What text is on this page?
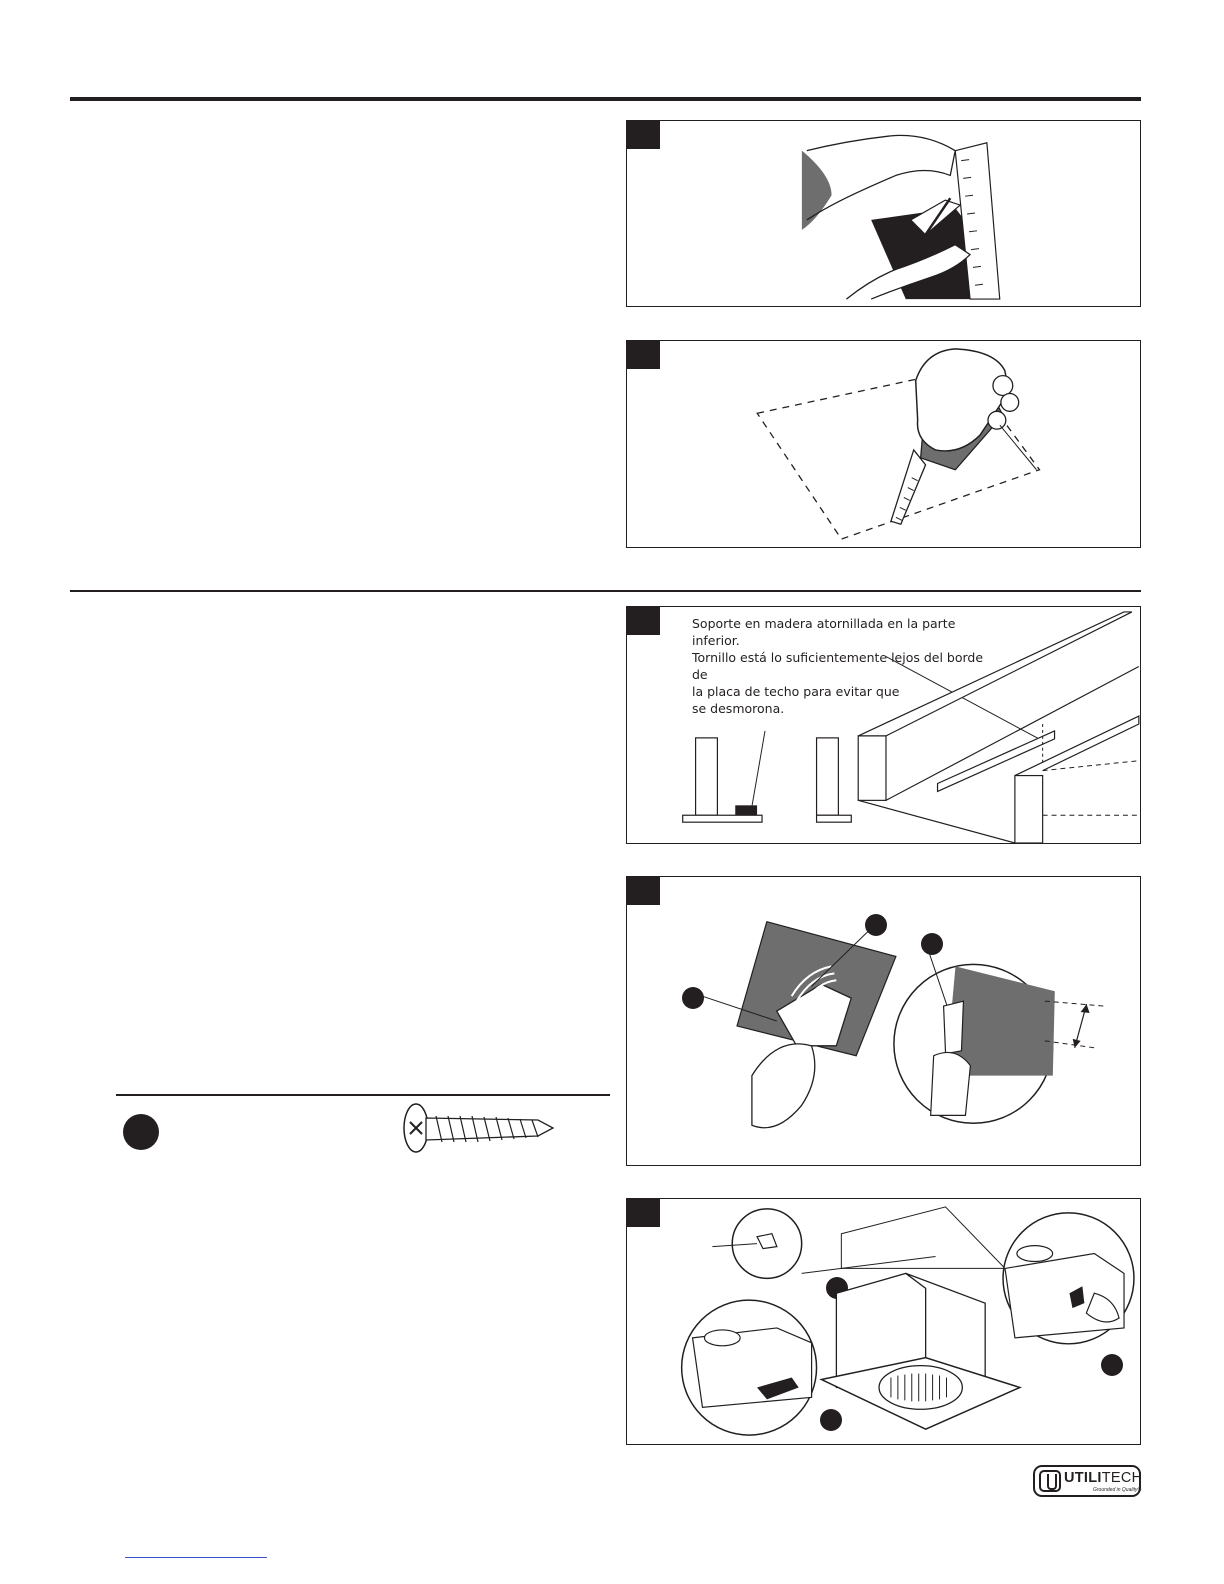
Soporte en madera atornillada en la parte inferior.
Tornillo está lo suficientemente lejos del borde de
la placa de techo para evitar que
se desmorona.
UTILITECH
Grounded in Quality®
